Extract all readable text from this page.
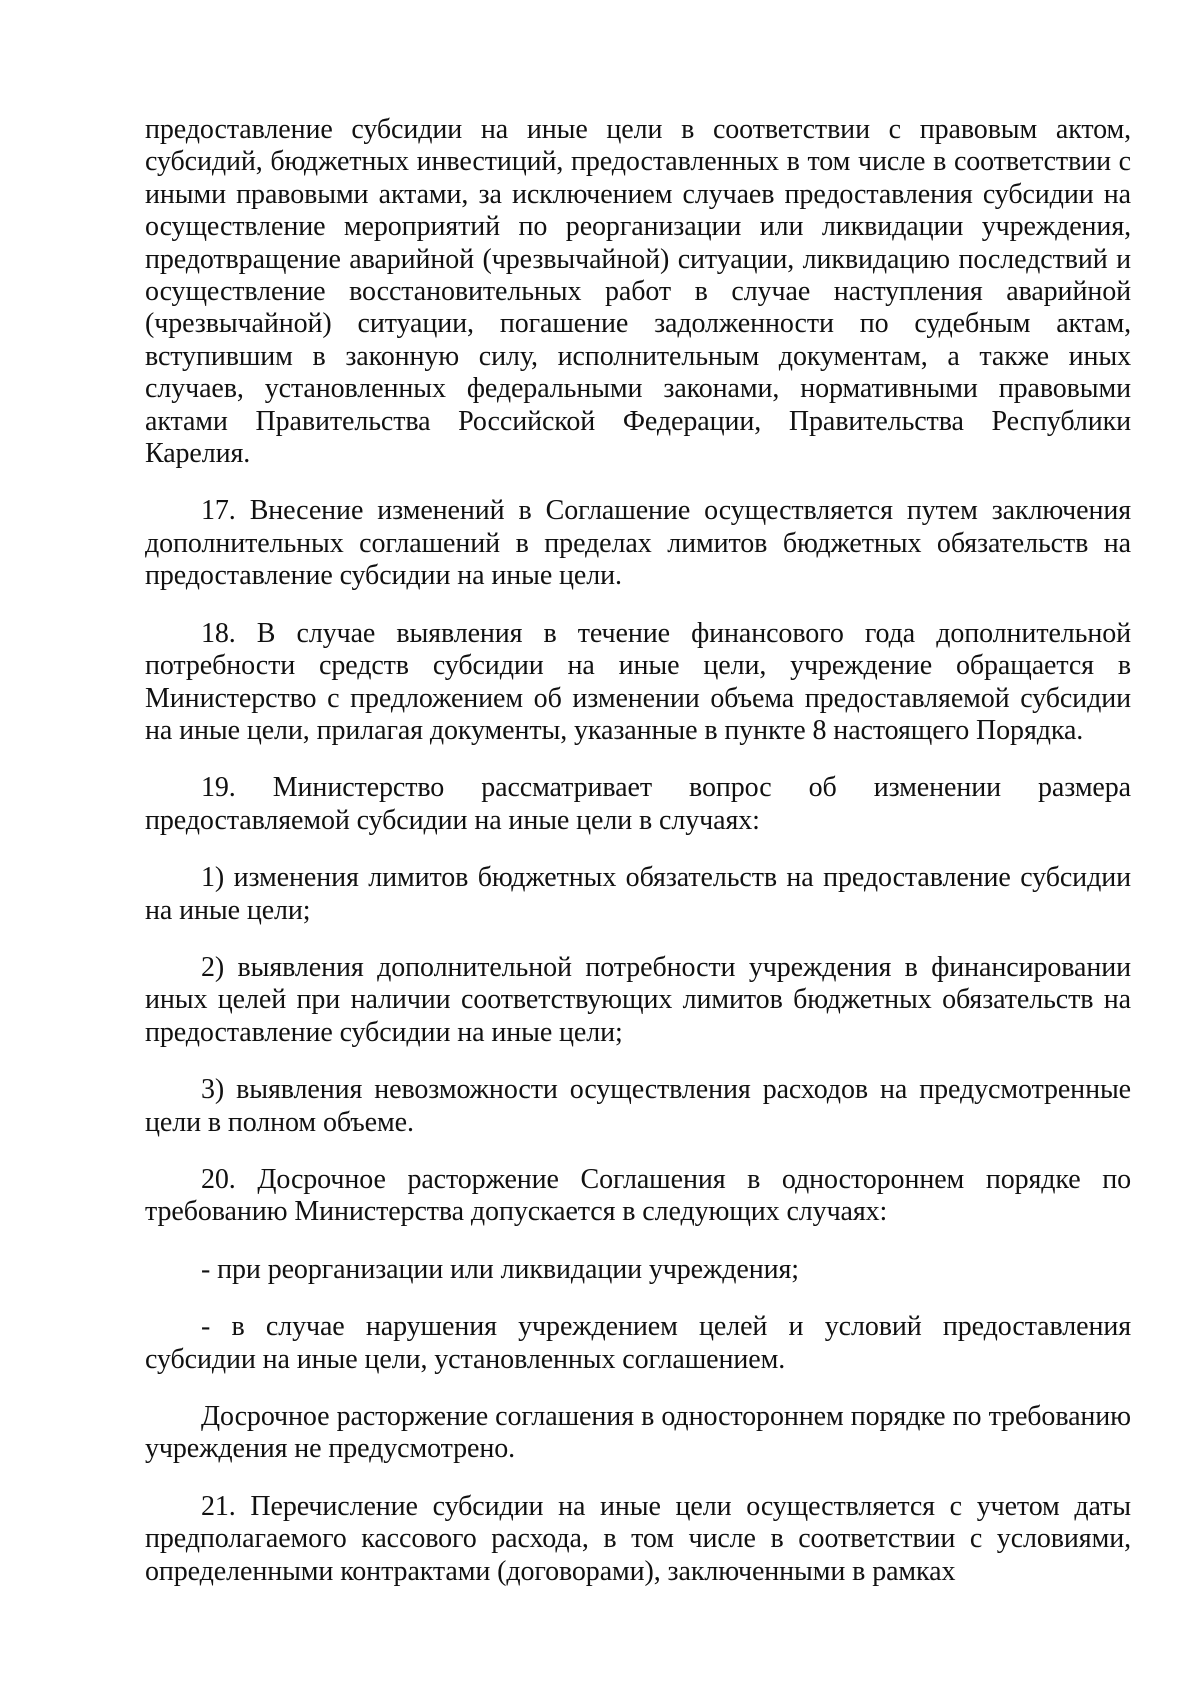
предоставление субсидии на иные цели в соответствии с правовым актом, субсидий, бюджетных инвестиций, предоставленных в том числе в соответствии с иными правовыми актами, за исключением случаев предоставления субсидии на осуществление мероприятий по реорганизации или ликвидации учреждения, предотвращение аварийной (чрезвычайной) ситуации, ликвидацию последствий и осуществление восстановительных работ в случае наступления аварийной (чрезвычайной) ситуации, погашение задолженности по судебным актам, вступившим в законную силу, исполнительным документам, а также иных случаев, установленных федеральными законами, нормативными правовыми актами Правительства Российской Федерации, Правительства Республики Карелия.

17. Внесение изменений в Соглашение осуществляется путем заключения дополнительных соглашений в пределах лимитов бюджетных обязательств на предоставление субсидии на иные цели.

18. В случае выявления в течение финансового года дополнительной потребности средств субсидии на иные цели, учреждение обращается в Министерство с предложением об изменении объема предоставляемой субсидии на иные цели, прилагая документы, указанные в пункте 8 настоящего Порядка.

19. Министерство рассматривает вопрос об изменении размера предоставляемой субсидии на иные цели в случаях:

1) изменения лимитов бюджетных обязательств на предоставление субсидии на иные цели;

2) выявления дополнительной потребности учреждения в финансировании иных целей при наличии соответствующих лимитов бюджетных обязательств на предоставление субсидии на иные цели;

3) выявления невозможности осуществления расходов на предусмотренные цели в полном объеме.

20. Досрочное расторжение Соглашения в одностороннем порядке по требованию Министерства допускается в следующих случаях:

- при реорганизации или ликвидации учреждения;

- в случае нарушения учреждением целей и условий предоставления субсидии на иные цели, установленных соглашением.

Досрочное расторжение соглашения в одностороннем порядке по требованию учреждения не предусмотрено.

21. Перечисление субсидии на иные цели осуществляется с учетом даты предполагаемого кассового расхода, в том числе в соответствии с условиями, определенными контрактами (договорами), заключенными в рамках
